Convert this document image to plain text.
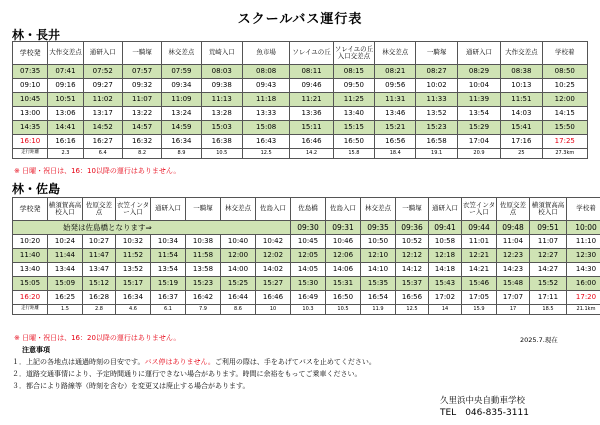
スクールバス運行表
林・長井
学校発	大作交差点	通研入口	一騎塚	林交差点	荒崎入口	魚市場	ソレイユの丘	ソレイユの丘入口交差点	林交差点	一騎塚	通研入口	大作交差点	学校着
07:35	07:41	07:52	07:57	07:59	08:03	08:08	08:11	08:15	08:21	08:27	08:29	08:38	08:50
09:10	09:16	09:27	09:32	09:34	09:38	09:43	09:46	09:50	09:56	10:02	10:04	10:13	10:25
10:45	10:51	11:02	11:07	11:09	11:13	11:18	11:21	11:25	11:31	11:33	11:39	11:51	12:00
13:00	13:06	13:17	13:22	13:24	13:28	13:33	13:36	13:40	13:46	13:52	13:54	14:03	14:15
14:35	14:41	14:52	14:57	14:59	15:03	15:08	15:11	15:15	15:21	15:23	15:29	15:41	15:50
16:10	16:16	16:27	16:32	16:34	16:38	16:43	16:46	16:50	16:56	16:58	17:04	17:16	17:25
走行距離	2.3	6.4	8.2	8.9	10.5	12.5	14.2	15.8	18.4	19.1	20.9	25	27.3km
※ 日曜・祝日は、16：10以降の運行はありません。
林・佐島
学校発	横須賀高高校入口	佐原交差点	衣笠インター入口	通研入口	一騎塚	林交差点	佐島入口	佐島橋	佐島入口	林交差点	一騎塚	通研入口	衣笠インター入口	佐原交差点	横須賀高高校入口	学校着
始発は佐島橋となります⇒								09:30	09:31	09:35	09:36	09:41	09:44	09:48	09:51	10:00
10:20	10:24	10:27	10:32	10:34	10:38	10:40	10:42	10:45	10:46	10:50	10:52	10:58	11:01	11:04	11:07	11:10
11:40	11:44	11:47	11:52	11:54	11:58	12:00	12:02	12:05	12:06	12:10	12:12	12:18	12:21	12:23	12:27	12:30
13:40	13:44	13:47	13:52	13:54	13:58	14:00	14:02	14:05	14:06	14:10	14:12	14:18	14:21	14:23	14:27	14:30
15:05	15:09	15:12	15:17	15:19	15:23	15:25	15:27	15:30	15:31	15:35	15:37	15:43	15:46	15:48	15:52	16:00
16:20	16:25	16:28	16:34	16:37	16:42	16:44	16:46	16:49	16:50	16:54	16:56	17:02	17:05	17:07	17:11	17:20
走行距離	1.5	2.8	4.6	6.1	7.9	8.6	10	10.3	10.5	11.9	12.5	14	15.9	17	18.5	21.1km
※ 日曜・祝日は、16：20以降の運行はありません。	2025.7.現在
注意事項
１．上記の各地点は通過時刻の目安です。バス停はありません。ご利用の際は、手をあげてバスを止めてください。
２．道路交通事情により、予定時間通りに運行できない場合があります。時間に余裕をもってご乗車ください。
３．都合により路線等（時刻を含む）を変更又は廃止する場合があります。
久里浜中央自動車学校
TEL　046-835-3111
